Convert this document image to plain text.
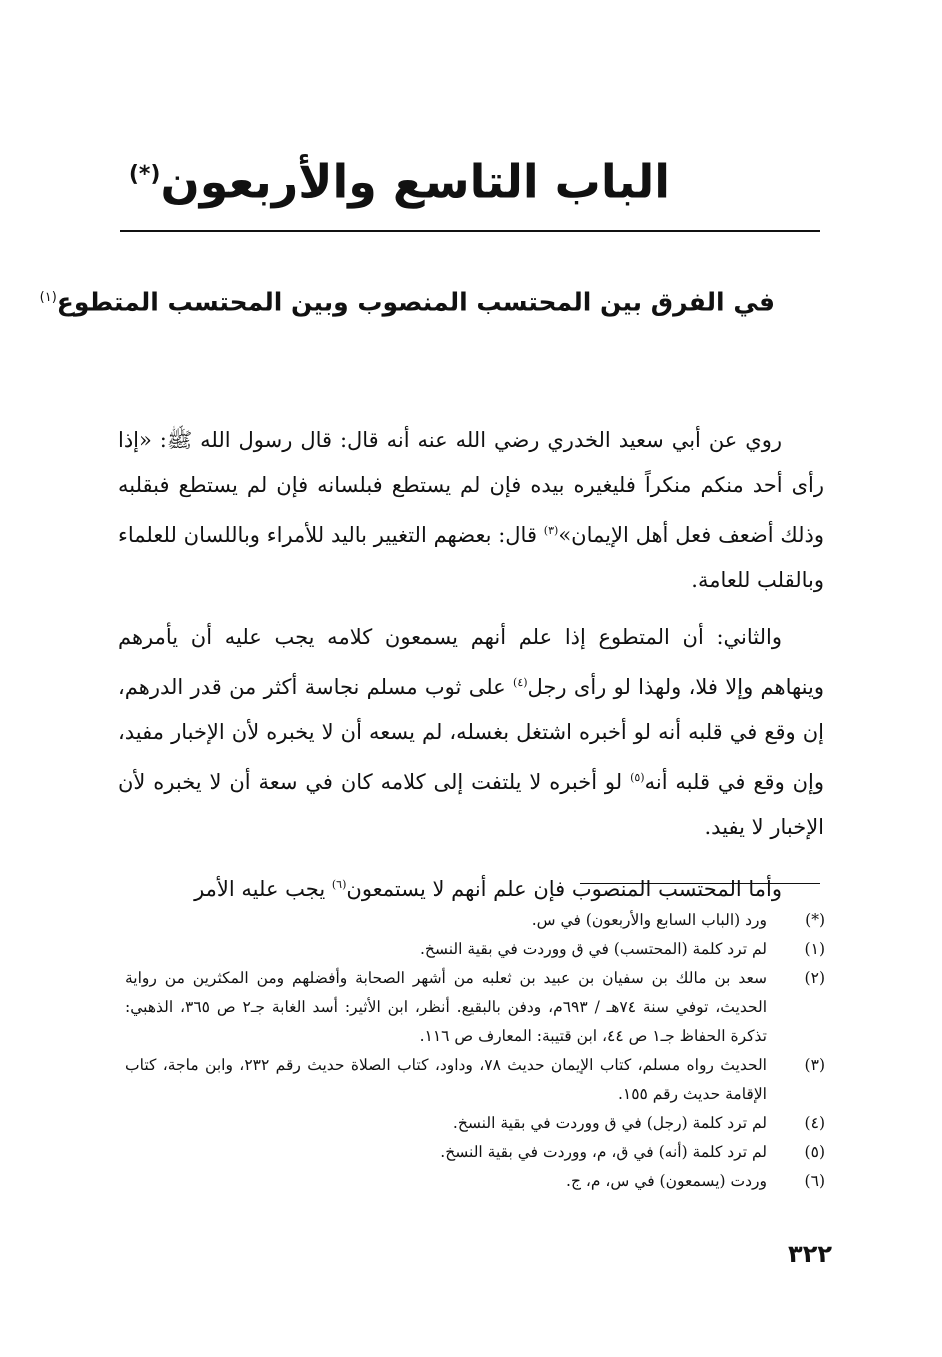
الباب التاسع والأربعون(*)
في الفرق بين المحتسب المنصوب وبين المحتسب المتطوع$^{(١)}$

روي عن أبي سعيد الخدري رضي الله عنه أنه قال: قال رسول الله ﷺ: «إذا رأى أحد منكم منكراً فليغيره بيده فإن لم يستطع فبلسانه فإن لم يستطع فبقلبه وذلك أضعف فعل أهل الإيمان»$^{(٣)}$ قال: بعضهم التغيير باليد للأمراء وباللسان للعلماء وبالقلب للعامة.

والثاني: أن المتطوع إذا علم أنهم يسمعون كلامه يجب عليه أن يأمرهم وينهاهم وإلا فلا، ولهذا لو رأى رجل$^{(٤)}$ على ثوب مسلم نجاسة أكثر من قدر الدرهم، إن وقع في قلبه أنه لو أخبره اشتغل بغسله، لم يسعه أن لا يخبره لأن الإخبار مفيد، وإن وقع في قلبه أنه$^{(٥)}$ لو أخبره لا يلتفت إلى كلامه كان في سعة أن لا يخبره لأن الإخبار لا يفيد.

وأما المحتسب المنصوب فإن علم أنهم لا يستمعون$^{(٦)}$ يجب عليه الأمر

(*)
ورد (الباب السابع والأربعون) في س.
(١)
لم ترد كلمة (المحتسب) في ق ووردت في بقية النسخ.
(٢)
سعد بن مالك بن سفيان بن عبيد بن ثعلبه من أشهر الصحابة وأفضلهم ومن المكثرين من رواية الحديث، توفي سنة ٧٤هـ / ٦٩٣م، ودفن بالبقيع. أنظر، ابن الأثير: أسد الغابة جـ٢ ص ٣٦٥، الذهبي: تذكرة الحفاظ جـ١ ص ٤٤، ابن قتيبة: المعارف ص ١١٦.
(٣)
الحديث رواه مسلم، كتاب الإيمان حديث ٧٨، وداود، كتاب الصلاة حديث رقم ٢٣٢، وابن ماجة، كتاب الإقامة حديث رقم ١٥٥.
(٤)
لم ترد كلمة (رجل) في ق ووردت في بقية النسخ.
(٥)
لم ترد كلمة (أنه) في ق، م، ووردت في بقية النسخ.
(٦)
وردت (يسمعون) في س، م، ج.
٣٢٢
